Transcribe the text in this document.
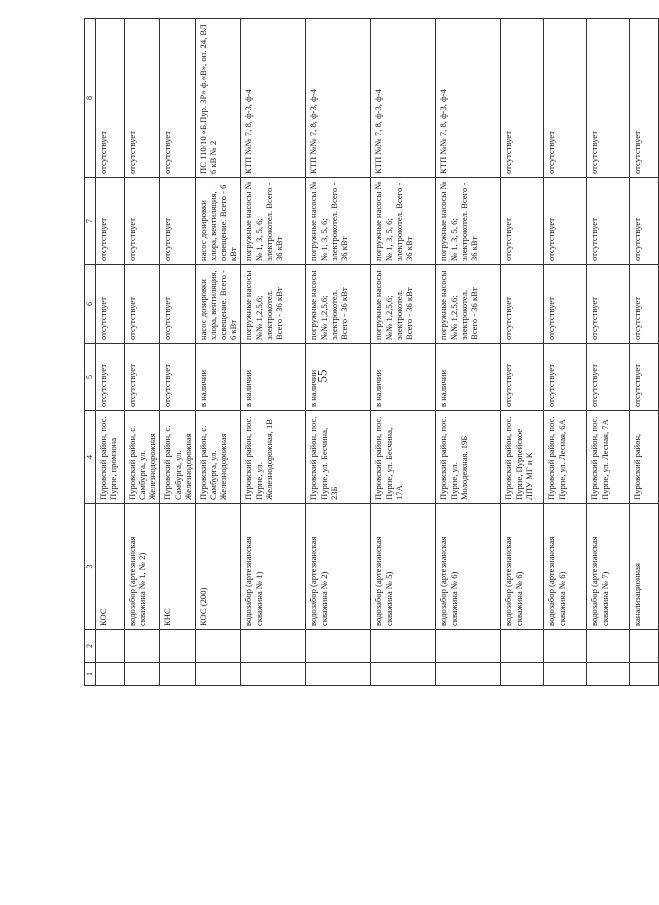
55
1	2	3	4	5	6	7	8
		КОС	Пуровский район, пос. Пурпе, промзона	отсутствует	отсутствует	отсутствует	отсутствует
		водозабор (артезианская скважина № 1, № 2)	Пуровский район, с. Самбурга, ул. Железнодорожная	отсутствует	отсутствует	отсутствует	отсутствует
		КНС	Пуровский район, с. Самбурга, ул. Железнодорожная	отсутствует	отсутствует	отсутствует	отсутствует
		КОС (200)	Пуровский район, с. Самбурга, ул. Железнодорожная	в наличии	насос дозировки хлора, вентиляция, освещение. Всего - 6 кВт	насос дозировки хлора, вентиляция, освещение. Всего - 6 кВт	ПС 110/10 «Б.Пур. 3Р» ф.«В», оп. 24, ВЛ 6 кВ № 2
		водозабор (артезианская скважина № 1)	Пуровский район, пос. Пурпе, ул. Железнодорожная, 1В	в наличии	погружные насосы №№ 1,2,5,6; электрокотел. Всего - 36 кВт	погружные насосы №№ 1, 3, 5, 6; электрокотел. Всего - 36 кВт	КТП №№ 7, 8, ф-3, ф-4
		водозабор (артезианская скважина № 2)	Пуровский район, пос. Пурпе, ул. Бесчина, 23Б	в наличии	погружные насосы №№ 1,2,5,6; электрокотел. Всего - 36 кВт	погружные насосы №№ 1, 3, 5, 6; электрокотел. Всего - 36 кВт	КТП №№ 7, 8, ф-3, ф-4
		водозабор (артезианская скважина № 5)	Пуровский район, пос. Пурпе, ул. Бесчина, 17А	в наличии	погружные насосы №№ 1,2,5,6; электрокотел. Всего - 36 кВт	погружные насосы №№ 1, 3, 5, 6; электрокотел. Всего - 36 кВт	КТП №№ 7, 8, ф-3, ф-4
		водозабор (артезианская скважина № 6)	Пуровский район, пос. Пурпе, ул. Молодежная, 19Б	в наличии	погружные насосы №№ 1,2,5,6; электрокотел. Всего - 36 кВт	погружные насосы №№ 1, 3, 5, 6; электрокотел. Всего - 36 кВт	КТП №№ 7, 8, ф-3, ф-4
		водозабор (артезианская скважина № 6)	Пуровский район, пос. Пурпе, Пурпейское ЛПУ МГ и К	отсутствует	отсутствует	отсутствует	отсутствует
		водозабор (артезианская скважина № 6)	Пуровский район, пос. Пурпе, ул. Лесная, 6А	отсутствует	отсутствует	отсутствует	отсутствует
		водозабор (артезианская скважина № 7)	Пуровский район, пос. Пурпе, ул. Лесная, 7А	отсутствует	отсутствует	отсутствует	отсутствует
		канализационная	Пуровский район,	отсутствует	отсутствует	отсутствует	отсутствует
